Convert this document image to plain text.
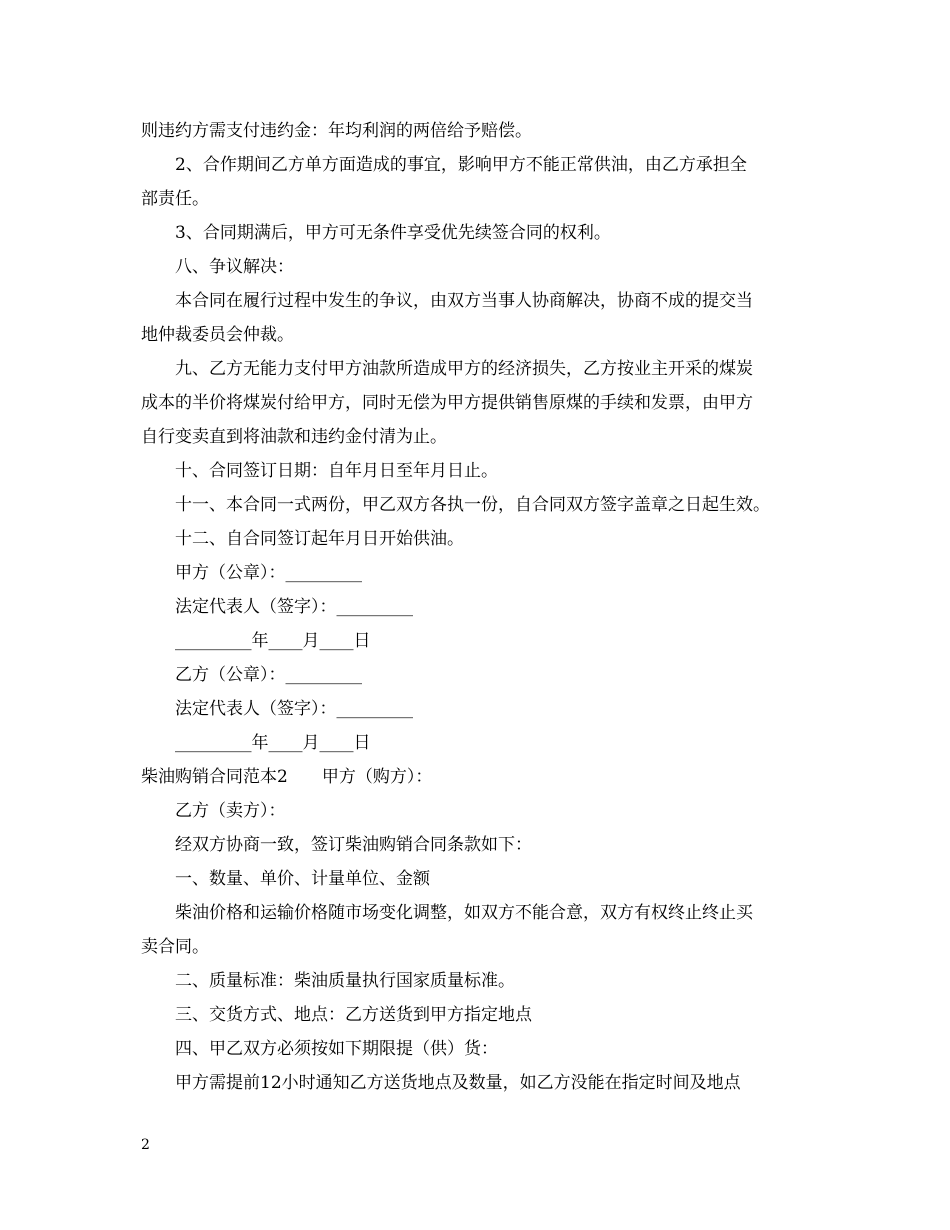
则违约方需支付违约金：年均利润的两倍给予赔偿。
2、合作期间乙方单方面造成的事宜，影响甲方不能正常供油，由乙方承担全
部责任。
3、合同期满后，甲方可无条件享受优先续签合同的权利。
八、争议解决：
本合同在履行过程中发生的争议，由双方当事人协商解决，协商不成的提交当
地仲裁委员会仲裁。
九、乙方无能力支付甲方油款所造成甲方的经济损失，乙方按业主开采的煤炭
成本的半价将煤炭付给甲方，同时无偿为甲方提供销售原煤的手续和发票，由甲方
自行变卖直到将油款和违约金付清为止。
十、合同签订日期：自年月日至年月日止。
十一、本合同一式两份，甲乙双方各执一份，自合同双方签字盖章之日起生效。
十二、自合同签订起年月日开始供油。
甲方（公章）：_________
法定代表人（签字）：_________
_________年____月____日
乙方（公章）：_________
法定代表人（签字）：_________
_________年____月____日
柴油购销合同范本2　　甲方（购方）：
乙方（卖方）：
经双方协商一致，签订柴油购销合同条款如下：
一、数量、单价、计量单位、金额
柴油价格和运输价格随市场变化调整，如双方不能合意，双方有权终止终止买
卖合同。
二、质量标准：柴油质量执行国家质量标准。
三、交货方式、地点：乙方送货到甲方指定地点
四、甲乙双方必须按如下期限提（供）货：
甲方需提前12小时通知乙方送货地点及数量，如乙方没能在指定时间及地点
2
